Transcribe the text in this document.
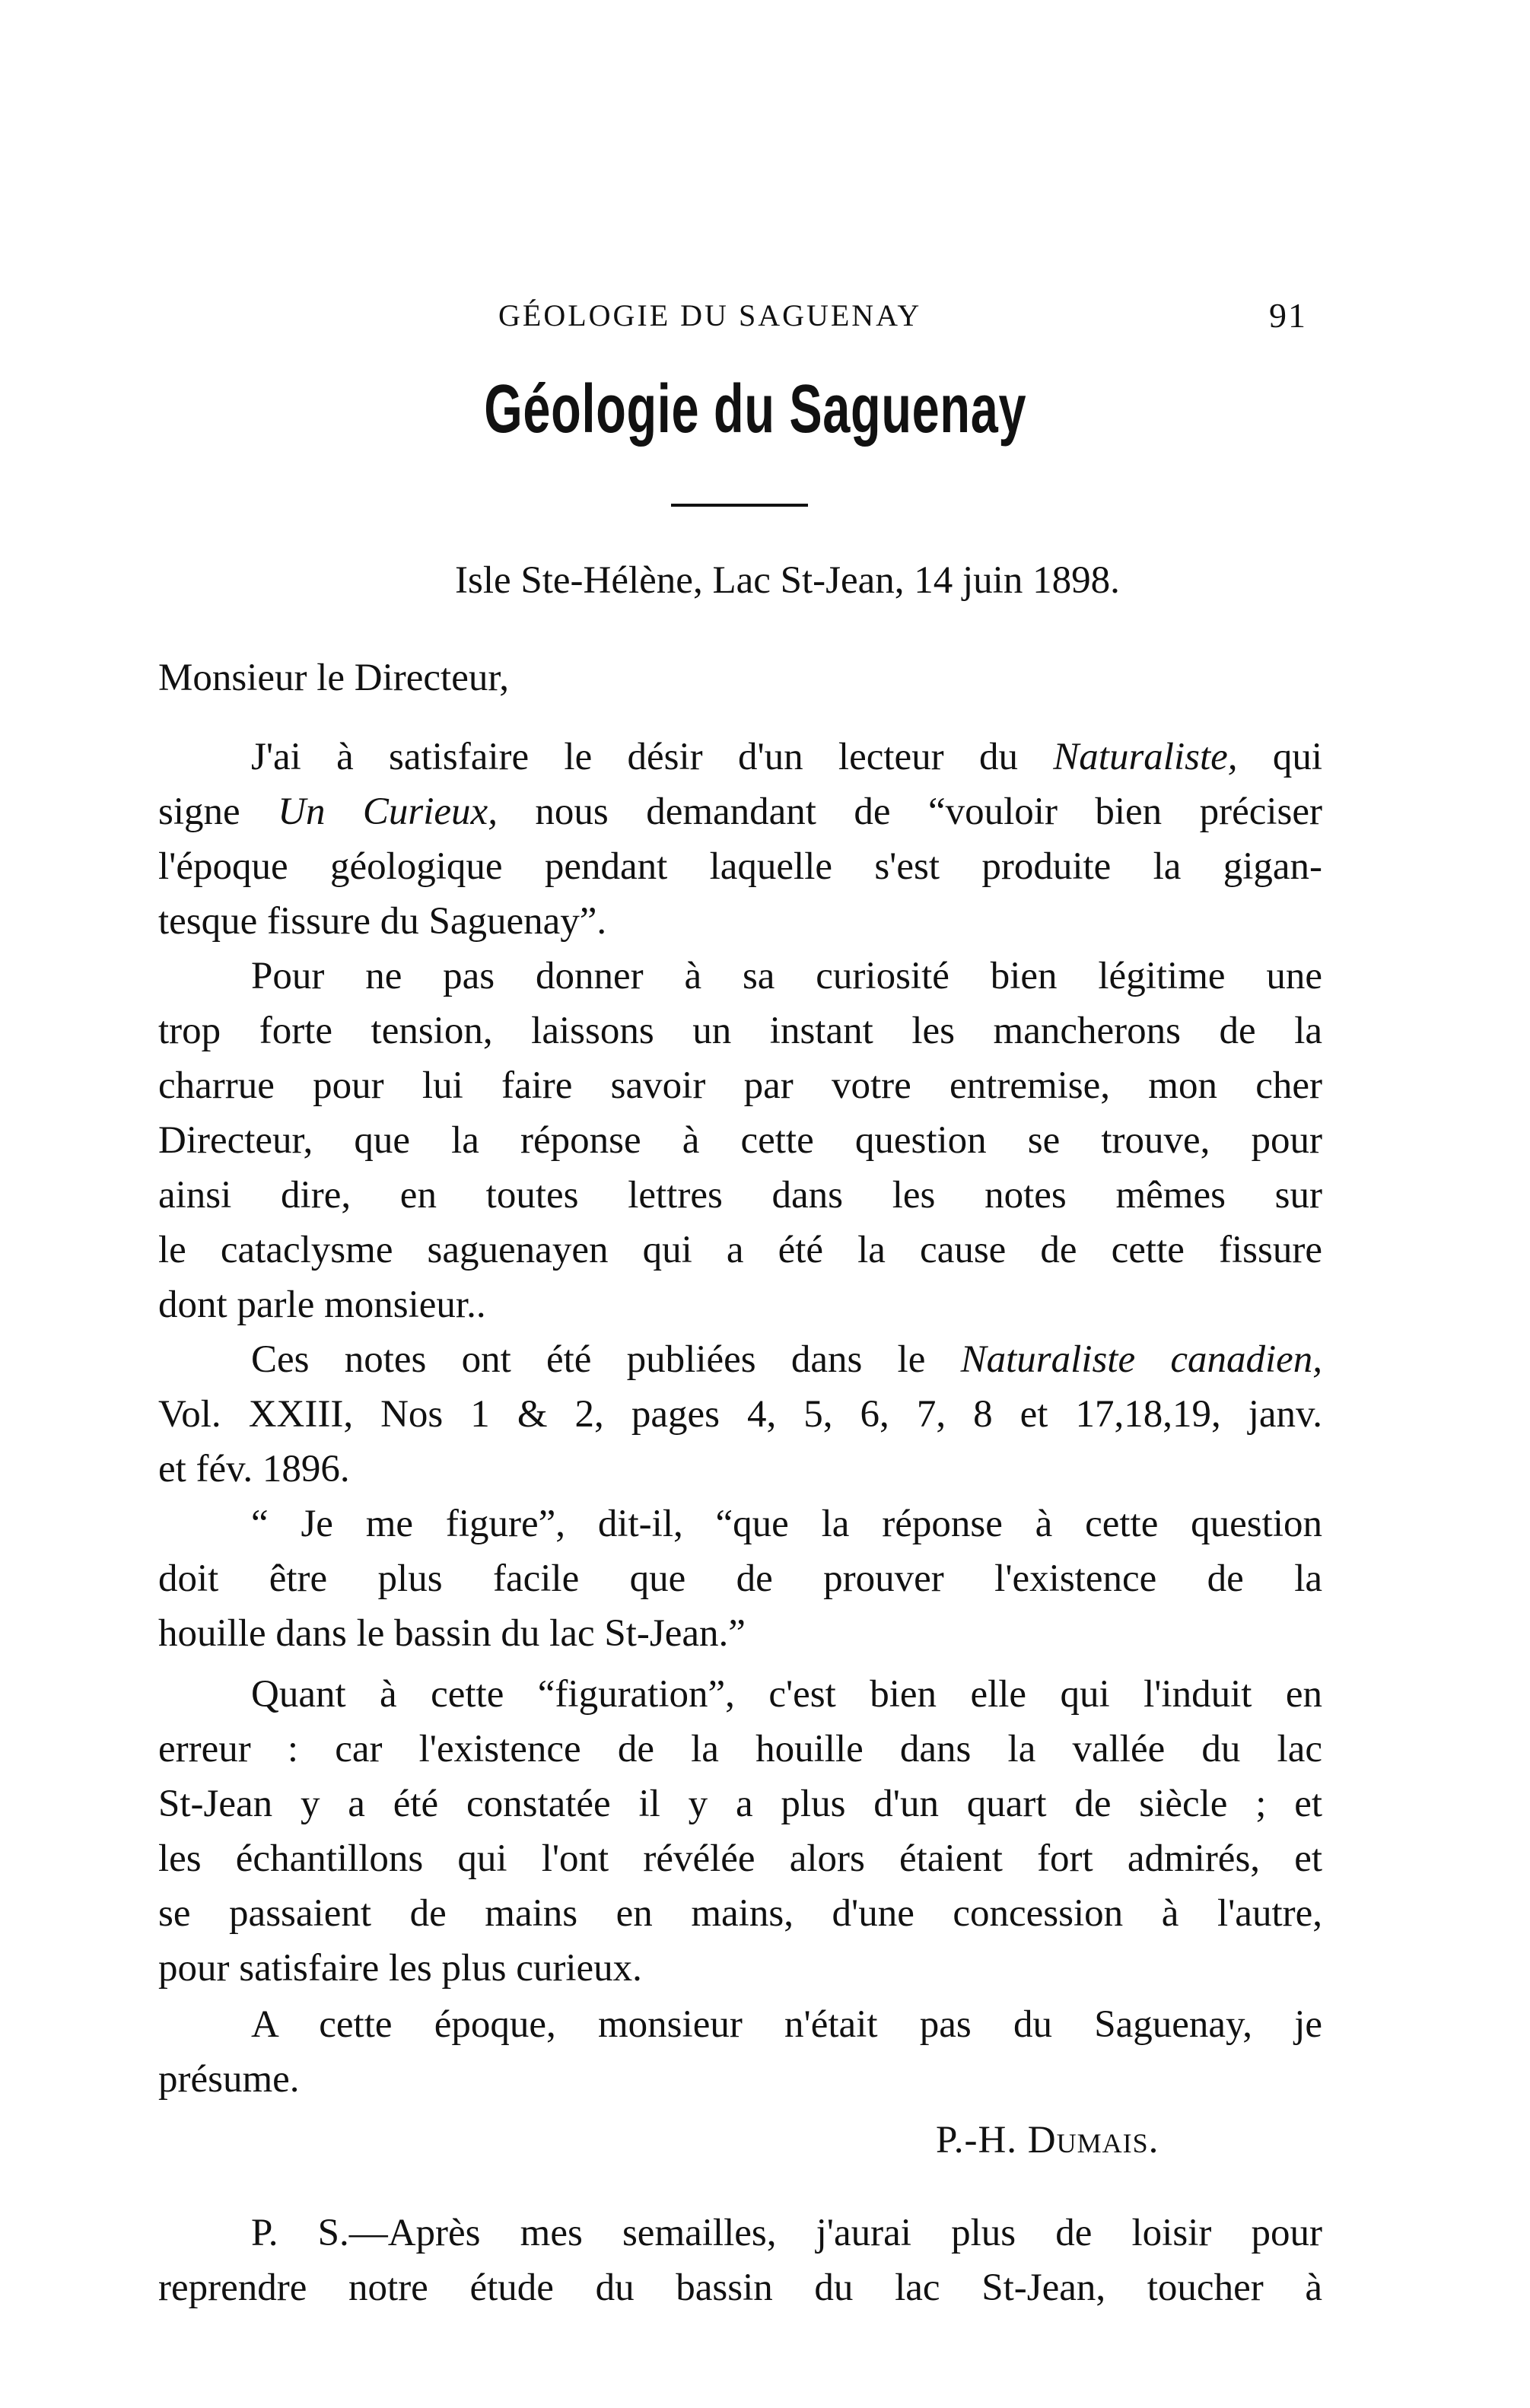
GÉOLOGIE DU SAGUENAY	91
Géologie du Saguenay
Isle Ste-Hélène, Lac St-Jean, 14 juin 1898.
Monsieur le Directeur,
J'ai à satisfaire le désir d'un lecteur du Naturaliste, qui
signe Un Curieux, nous demandant de “vouloir bien préciser
l'époque géologique pendant laquelle s'est produite la gigan-
tesque fissure du Saguenay”.
Pour ne pas donner à sa curiosité bien légitime une
trop forte tension, laissons un instant les mancherons de la
charrue pour lui faire savoir par votre entremise, mon cher
Directeur, que la réponse à cette question se trouve, pour
ainsi dire, en toutes lettres dans les notes mêmes sur
le cataclysme saguenayen qui a été la cause de cette fissure
dont parle monsieur..
Ces notes ont été publiées dans le Naturaliste canadien,
Vol. XXIII, Nos 1 & 2, pages 4, 5, 6, 7, 8 et 17,18,19, janv.
et fév. 1896.
“ Je me figure”, dit-il, “que la réponse à cette question
doit être plus facile que de prouver l'existence de la
houille dans le bassin du lac St-Jean.”
Quant à cette “figuration”, c'est bien elle qui l'induit en
erreur : car l'existence de la houille dans la vallée du lac
St-Jean y a été constatée il y a plus d'un quart de siècle ; et
les échantillons qui l'ont révélée alors étaient fort admirés, et
se passaient de mains en mains, d'une concession à l'autre,
pour satisfaire les plus curieux.
A cette époque, monsieur n'était pas du Saguenay, je
présume.
P.-H. Dumais.
P. S.—Après mes semailles, j'aurai plus de loisir pour
reprendre notre étude du bassin du lac St-Jean, toucher à
